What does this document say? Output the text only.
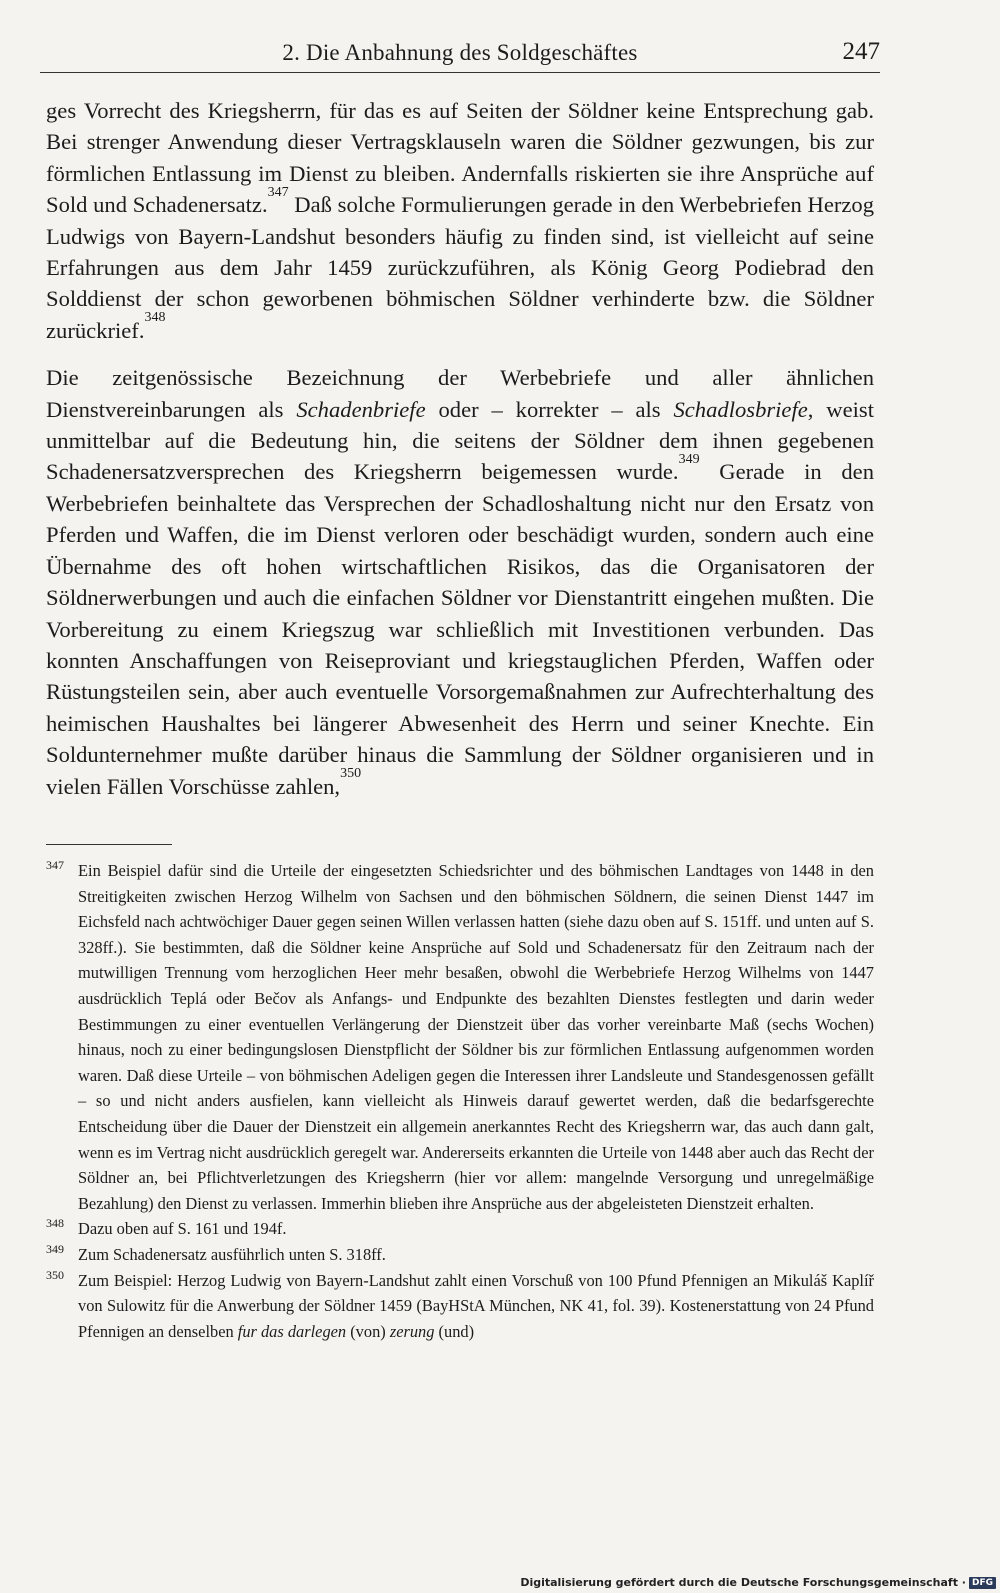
2. Die Anbahnung des Soldgeschäftes	247

ges Vorrecht des Kriegsherrn, für das es auf Seiten der Söldner keine Entsprechung gab. Bei strenger Anwendung dieser Vertragsklauseln waren die Söldner gezwungen, bis zur förmlichen Entlassung im Dienst zu bleiben. Andernfalls riskierten sie ihre Ansprüche auf Sold und Schadenersatz.$^{347}$ Daß solche Formulierungen gerade in den Werbebriefen Herzog Ludwigs von Bayern-Landshut besonders häufig zu finden sind, ist vielleicht auf seine Erfahrungen aus dem Jahr 1459 zurückzuführen, als König Georg Podiebrad den Solddienst der schon geworbenen böhmischen Söldner verhinderte bzw. die Söldner zurückrief.$^{348}$

Die zeitgenössische Bezeichnung der Werbebriefe und aller ähnlichen Dienstvereinbarungen als Schadenbriefe oder – korrekter – als Schadlosbriefe, weist unmittelbar auf die Bedeutung hin, die seitens der Söldner dem ihnen gegebenen Schadenersatzversprechen des Kriegsherrn beigemessen wurde.$^{349}$ Gerade in den Werbebriefen beinhaltete das Versprechen der Schadloshaltung nicht nur den Ersatz von Pferden und Waffen, die im Dienst verloren oder beschädigt wurden, sondern auch eine Übernahme des oft hohen wirtschaftlichen Risikos, das die Organisatoren der Söldnerwerbungen und auch die einfachen Söldner vor Dienstantritt eingehen mußten. Die Vorbereitung zu einem Kriegszug war schließlich mit Investitionen verbunden. Das konnten Anschaffungen von Reiseproviant und kriegstauglichen Pferden, Waffen oder Rüstungsteilen sein, aber auch eventuelle Vorsorgemaßnahmen zur Aufrechterhaltung des heimischen Haushaltes bei längerer Abwesenheit des Herrn und seiner Knechte. Ein Soldunternehmer mußte darüber hinaus die Sammlung der Söldner organisieren und in vielen Fällen Vorschüsse zahlen,$^{350}$

347 Ein Beispiel dafür sind die Urteile der eingesetzten Schiedsrichter und des böhmischen Landtages von 1448 in den Streitigkeiten zwischen Herzog Wilhelm von Sachsen und den böhmischen Söldnern, die seinen Dienst 1447 im Eichsfeld nach achtwöchiger Dauer gegen seinen Willen verlassen hatten (siehe dazu oben auf S. 151ff. und unten auf S. 328ff.). Sie bestimmten, daß die Söldner keine Ansprüche auf Sold und Schadenersatz für den Zeitraum nach der mutwilligen Trennung vom herzoglichen Heer mehr besaßen, obwohl die Werbebriefe Herzog Wilhelms von 1447 ausdrücklich Teplá oder Bečov als Anfangs- und Endpunkte des bezahlten Dienstes festlegten und darin weder Bestimmungen zu einer eventuellen Verlängerung der Dienstzeit über das vorher vereinbarte Maß (sechs Wochen) hinaus, noch zu einer bedingungslosen Dienstpflicht der Söldner bis zur förmlichen Entlassung aufgenommen worden waren. Daß diese Urteile – von böhmischen Adeligen gegen die Interessen ihrer Landsleute und Standesgenossen gefällt – so und nicht anders ausfielen, kann vielleicht als Hinweis darauf gewertet werden, daß die bedarfsgerechte Entscheidung über die Dauer der Dienstzeit ein allgemein anerkanntes Recht des Kriegsherrn war, das auch dann galt, wenn es im Vertrag nicht ausdrücklich geregelt war. Andererseits erkannten die Urteile von 1448 aber auch das Recht der Söldner an, bei Pflichtverletzungen des Kriegsherrn (hier vor allem: mangelnde Versorgung und unregelmäßige Bezahlung) den Dienst zu verlassen. Immerhin blieben ihre Ansprüche aus der abgeleisteten Dienstzeit erhalten.

348 Dazu oben auf S. 161 und 194f.

349 Zum Schadenersatz ausführlich unten S. 318ff.

350 Zum Beispiel: Herzog Ludwig von Bayern-Landshut zahlt einen Vorschuß von 100 Pfund Pfennigen an Mikuláš Kaplíř von Sulowitz für die Anwerbung der Söldner 1459 (BayHStA München, NK 41, fol. 39). Kostenerstattung von 24 Pfund Pfennigen an denselben fur das darlegen (von) zerung (und)

Digitalisierung gefördert durch die Deutsche Forschungsgemeinschaft · DFG
